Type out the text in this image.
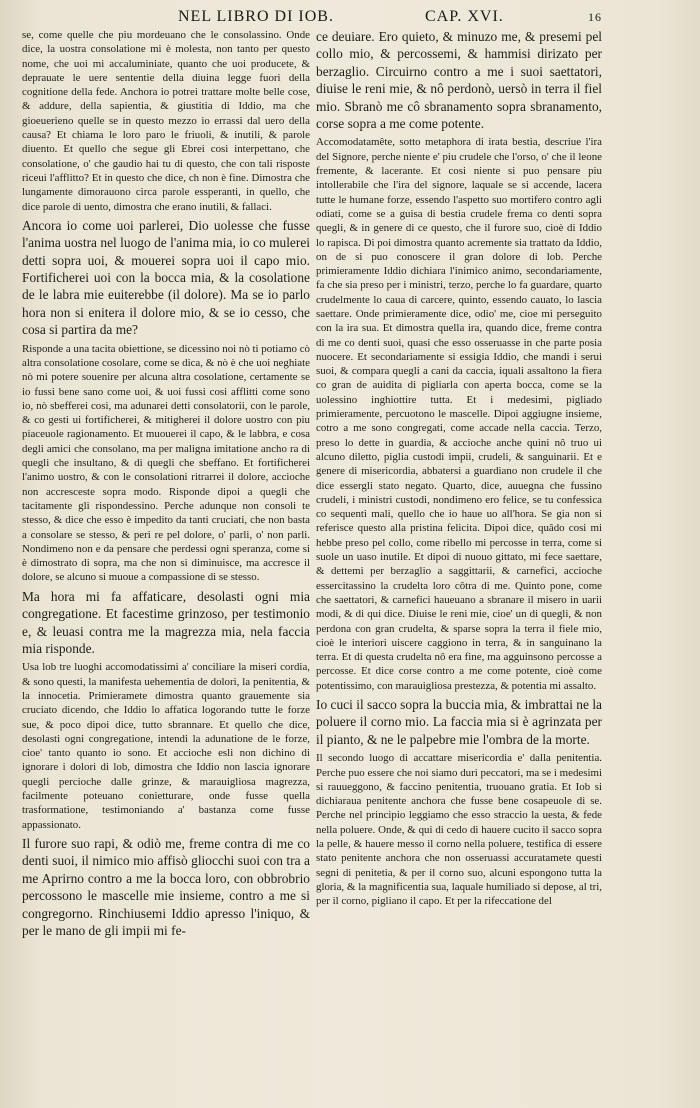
NEL LIBRO DI IOB.	CAP. XVI.	16

se, come quelle che piu mordeuano che le consolassino. Onde dice, la uostra consolatione mi è molesta, non tanto per questo nome, che uoi mi accaluminiate, quanto che uoi producete, & deprauate le uere sententie della diuina legge fuori della cognitione della fede. Anchora io potrei trattare molte belle cose, & addure, della sapientia, & giustitia di Iddio, ma che gioeuerieno quelle se in questo mezzo io errassi dal uero della causa? Et chiama le loro paro le friuoli, & inutili, & parole diuento. Et quello che segue gli Ebrei cosi interpettano, che consolatione, o' che gaudio hai tu di questo, che con tali risposte riceui l'afflitto? Et in questo che dice, ch non è fine. Dimostra che lungamente dimorauono circa parole essperanti, in quello, che dice parole di uento, dimostra che erano inutili, & fallaci.

Ancora io come uoi parlerei, Dio uolesse che fusse l'anima uostra nel luogo de l'anima mia, io co mulerei detti sopra uoi, & mouerei sopra uoi il capo mio. Fortificherei uoi con la bocca mia, & la cosolatione de le labra mie euiterebbe (il dolore). Ma se io parlo hora non si enitera il dolore mio, & se io cesso, che cosa si partira da me?

Risponde a una tacita obiettione, se dicessino noi nò ti potiamo cò altra consolatione cosolare, come se dica, & nò è che uoi neghiate nò mi potere souenire per alcuna altra cosolatione, certamente se io fussi bene sano come uoi, & uoi fussi cosi afflitti come sono io, nò sbefferei cosi, ma adunarei detti consolatorii, con le parole, & co gesti ui fortificherei, & mitigherei il dolore uostro con piu piaceuole ragionamento. Et muouerei il capo, & le labbra, e cosa degli amici che consolano, ma per maligna imitatione ancho ra di quegli che insultano, & di quegli che sbeffano. Et fortificherei l'animo uostro, & con le consolationi ritrarrei il dolore, accioche non accresceste sopra modo. Risponde dipoi a quegli che tacitamente gli rispondessino. Perche adunque non consoli te stesso, & dice che esso è impedito da tanti cruciati, che non basta a consolare se stesso, & peri re pel dolore, o' parli, o' non parli. Nondimeno non e da pensare che perdessi ogni speranza, come si è dimostrato di sopra, ma che non si diminuisce, ma accresce il dolore, se alcuno si muoue a compassione di se stesso.

Ma hora mi fa affaticare, desolasti ogni mia congregatione. Et facestime grinzoso, per testimonio e, & leuasi contra me la magrezza mia, nela faccia mia risponde.

Usa lob tre luoghi accomodatissimi a' conciliare la miseri cordia, & sono questi, la manifesta uehementia de dolori, la penitentia, & la innocetia. Primieramete dimostra quanto grauemente sia cruciato dicendo, che Iddio lo affatica logorando tutte le forze sue, & poco dipoi dice, tutto sbrannare. Et quello che dice, desolasti ogni congregatione, intendi la adunatione de le forze, cioe' tanto quanto io sono. Et accioche esli non dichino di ignorare i dolori di lob, dimostra che Iddio non lascia ignorare quegli percioche dalle grinze, & marauigliosa magrezza, facilmente poteuano conietturare, onde fusse quella trasformatione, testimoniando a' bastanza come fusse appassionato.

Il furore suo rapi, & odiò me, freme contra di me co denti suoi, il nimico mio affisò gliocchi suoi con tra a me Aprirno contro a me la bocca loro, con obbrobrio percossono le mascelle mie insieme, contro a me si congregorno. Rinchiusemi Iddio apresso l'iniquo, & per le mano de gli impii mi fe-

ce deuiare. Ero quieto, & minuzo me, & presemi pel collo mio, & percossemi, & hammisi dirizato per berzaglio. Circuirno contro a me i suoi saettatori, diuise le reni mie, & nô perdonò, uersò in terra il fiel mio. Sbranò me cô sbranamento sopra sbranamento, corse sopra a me come potente.

Accomodatamête, sotto metaphora di irata bestia, descriue l'ira del Signore, perche niente e' piu crudele che l'orso, o' che il leone fremente, & lacerante. Et cosi niente si puo pensare piu intollerabile che l'ira del signore, laquale se si accende, lacera tutte le humane forze, essendo l'aspetto suo mortifero contro agli odiati, come se a guisa di bestia crudele frema co denti sopra quegli, & in genere di ce questo, che il furore suo, cioè di Iddio lo rapisca. Di poi dimostra quanto acremente sia trattato da Iddio, on de si puo conoscere il gran dolore di lob. Perche primieramente Iddio dichiara l'inimico animo, secondariamente, fa che sia preso per i ministri, terzo, perche lo fa guardare, quarto crudelmente lo caua di carcere, quinto, essendo cauato, lo lascia saettare. Onde primieramente dice, odio' me, cioe mi perseguito con la ira sua. Et dimostra quella ira, quando dice, freme contra di me co denti suoi, quasi che esso osseruasse in che parte posia nuocere. Et secondariamente si essigia Iddio, che mandi i serui suoi, & compara quegli a cani da caccia, iquali assaltono la fiera co gran de auidita di pigliarla con aperta bocca, come se la uolessino inghiottire tutta. Et i medesimi, pigliado primieramente, percuotono le mascelle. Dipoi aggiugne insieme, cotro a me sono congregati, come accade nella caccia. Terzo, preso lo dette in guardia, & accioche anche quini nô truo ui alcuno diletto, piglia custodi impii, crudeli, & sanguinarii. Et e genere di misericordia, abbatersi a guardiano non crudele il che dice essergli stato negato. Quarto, dice, auuegna che fussino crudeli, i ministri custodi, nondimeno ero felice, se tu confessica co sequenti mali, quello che io haue uo all'hora. Se gia non si referisce questo alla pristina felicita. Dipoi dice, quâdo cosi mi hebbe preso pel collo, come ribello mi percosse in terra, come si suole un uaso inutile. Et dipoi di nuouo gittato, mi fece saettare, & dettemi per berzaglio a saggittarii, & carnefici, accioche essercitassino la crudelta loro côtra di me. Quinto pone, come che saettatori, & carnefici haueuano a sbranare il misero in uarii modi, & di qui dice. Diuise le reni mie, cioe' un di quegli, & non perdona con gran crudelta, & sparse sopra la terra il fiele mio, cioè le interiori uiscere caggiono in terra, & in sanguinano la terra. Et di questa crudelta nô era fine, ma agguinsono percosse a percosse. Et dice corse contro a me come potente, cioè come potentissimo, con marauigliosa prestezza, & potentia mi assalto.

Io cuci il sacco sopra la buccia mia, & imbrattai ne la poluere il corno mio. La faccia mia si è agrinzata per il pianto, & ne le palpebre mie l'ombra de la morte.

Il secondo luogo di accattare misericordia e' dalla penitentia. Perche puo essere che noi siamo duri peccatori, ma se i medesimi si rauueggono, & faccino penitentia, truouano gratia. Et Iob si dichiaraua penitente anchora che fusse bene cosapeuole di se. Perche nel principio leggiamo che esso straccio la uesta, & fede nella poluere. Onde, & qui di cedo di hauere cucito il sacco sopra la pelle, & hauere messo il corno nella poluere, testifica di essere stato penitente anchora che non osseruassi accuratamete questi segni di penitetia, & per il corno suo, alcuni espongono tutta la gloria, & la magnificentia sua, laquale humiliado si depose, al tri, per il corno, pigliano il capo. Et per la rifeccatione del
